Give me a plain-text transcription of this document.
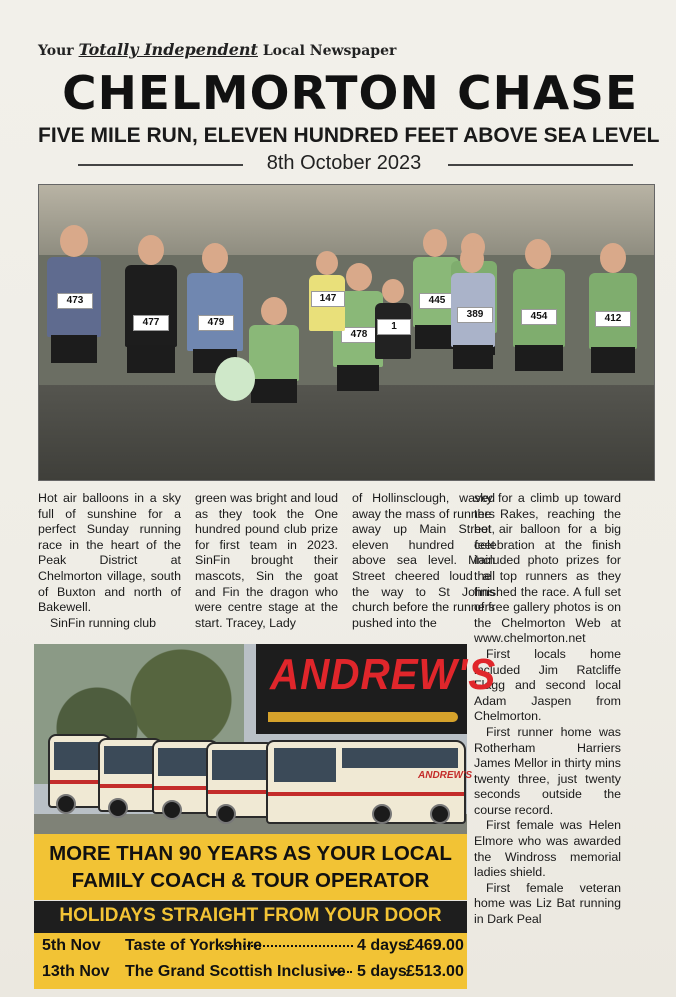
Your Totally Independent Local Newspaper
CHELMORTON CHASE
FIVE MILE RUN, ELEVEN HUNDRED FEET ABOVE SEA LEVEL
8th October 2023
473
477	479
478
445
389	454	412
147
1

Hot air balloons in a sky full of sunshine for a perfect Sunday running race in the heart of the Peak District at Chelmorton village, south of Buxton and north of Bakewell.

SinFin running club

green was bright and loud as they took the One hundred pound club prize for first team in 2023. SinFin brought their mascots, Sin the goat and Fin the dragon who were centre stage at the start. Tracey, Lady

of Hollinsclough, waved away the mass of runners away up Main Street, eleven hundred feet above sea level. Main Street cheered loud all the way to St Johns church before the runners pushed into the

sky for a climb up toward the Rakes, reaching the hot air balloon for a big celebration at the finish included photo prizes for the top runners as they finished the race. A full set of free gallery photos is on the Chelmorton Web at www.chelmorton.net

First locals home included Jim Ratcliffe Flagg and second local Adam Jaspen from Chelmorton.

First runner home was Rotherham Harriers James Mellor in thirty mins twenty three, just twenty seconds outside the course record.

First female was Helen Elmore who was awarded the Windross memorial ladies shield.

First female veteran home was Liz Bat running in Dark Peal

ANDREW'S
ANDREW'S
MORE THAN 90 YEARS AS YOUR LOCAL
FAMILY COACH & TOUR OPERATOR
HOLIDAYS STRAIGHT FROM YOUR DOOR
5th Nov Taste of Yorkshire	4 days £469.00
13th Nov The Grand Scottish Inclusive 5 days £513.00
